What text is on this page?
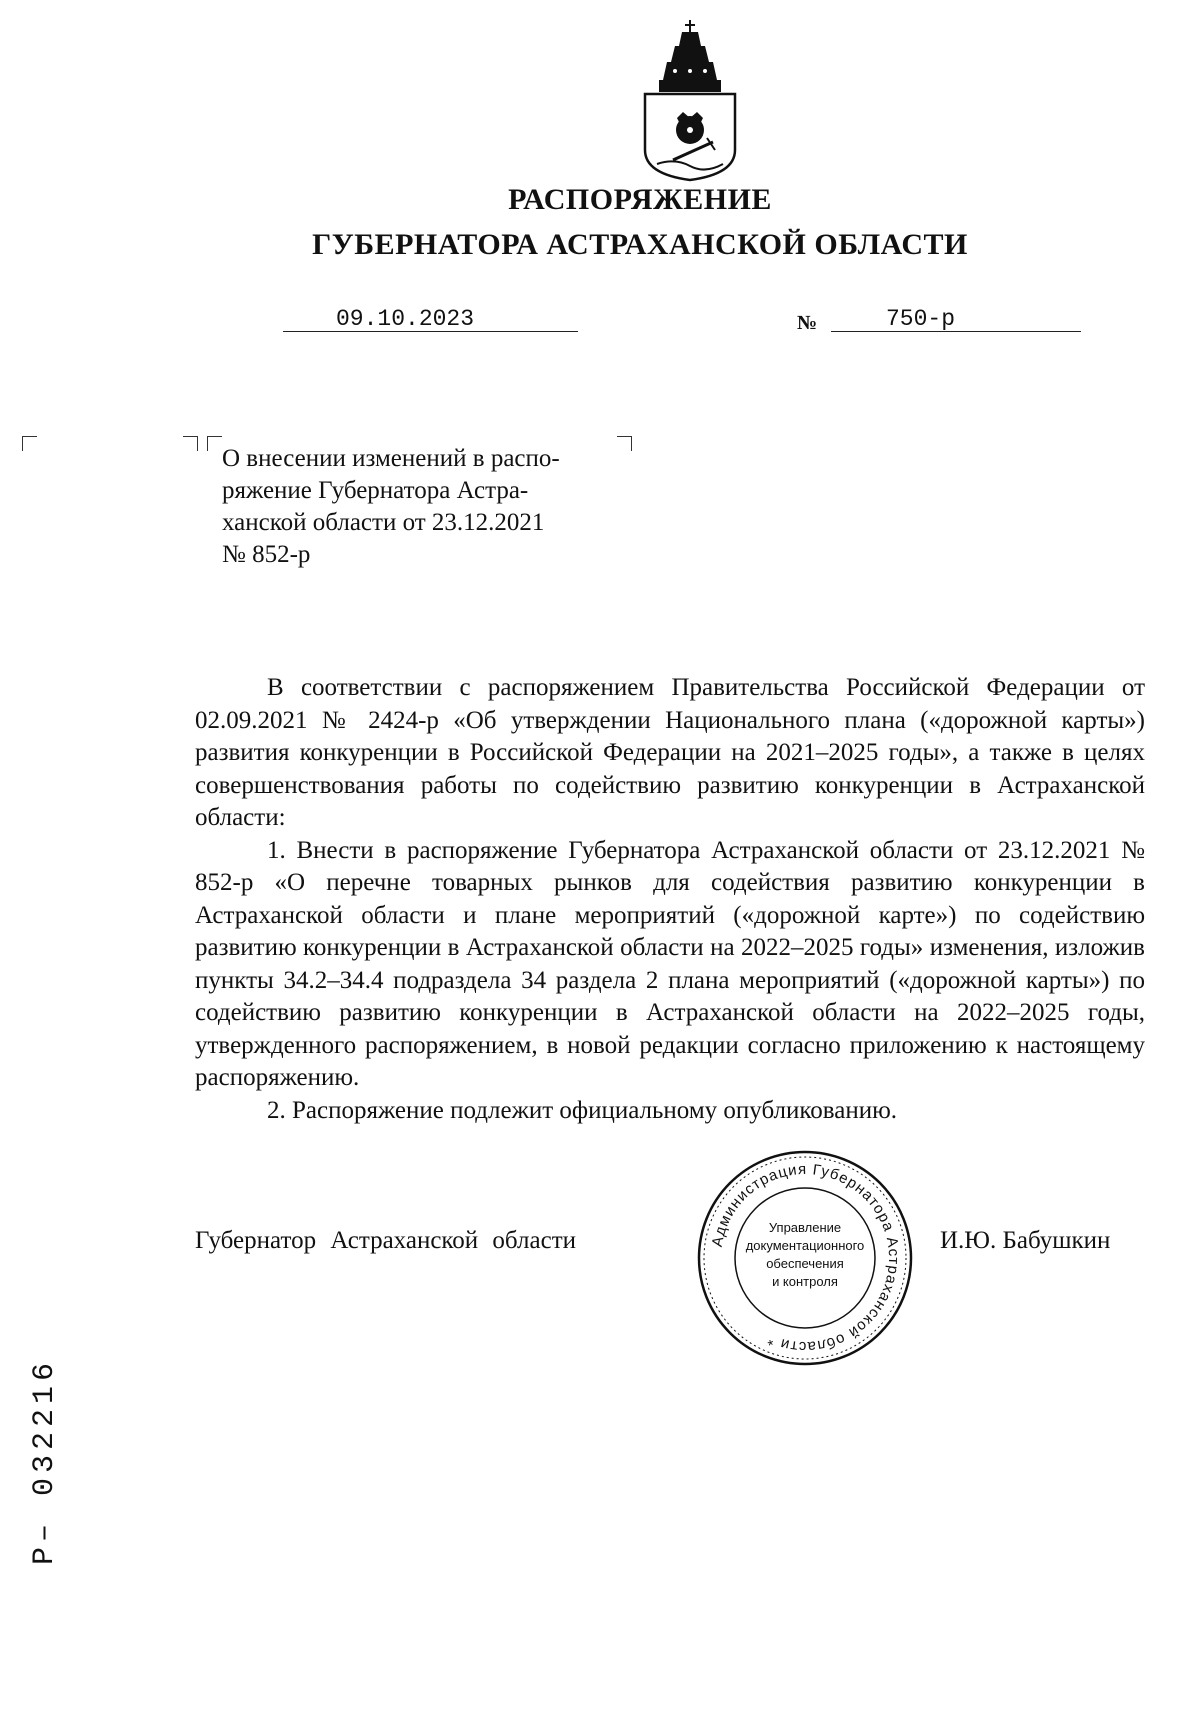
РАСПОРЯЖЕНИЕ
ГУБЕРНАТОРА АСТРАХАНСКОЙ ОБЛАСТИ
09.10.2023	№	750-р
О внесении изменений в распо-
ряжение Губернатора Астра-
ханской области от 23.12.2021
№ 852-р

В соответствии с распоряжением Правительства Российской Федерации от 02.09.2021 № 2424-р «Об утверждении Национального плана («дорожной карты») развития конкуренции в Российской Федерации на 2021–2025 годы», а также в целях совершенствования работы по содействию развитию конкуренции в Астраханской области:

1. Внести в распоряжение Губернатора Астраханской области от 23.12.2021 № 852-р «О перечне товарных рынков для содействия развитию конкуренции в Астраханской области и плане мероприятий («дорожной карте») по содействию развитию конкуренции в Астраханской области на 2022–2025 годы» изменения, изложив пункты 34.2–34.4 подраздела 34 раздела 2 плана мероприятий («дорожной карты») по содействию развитию конкуренции в Астраханской области на 2022–2025 годы, утвержденного распоряжением, в новой редакции согласно приложению к настоящему распоряжению.

2. Распоряжение подлежит официальному опубликованию.

Губернатор Астраханской области	И.Ю. Бабушкин
Администрация Губернатора Астраханской области *
Управление
документационного
обеспечения
и контроля
Р– 032216
